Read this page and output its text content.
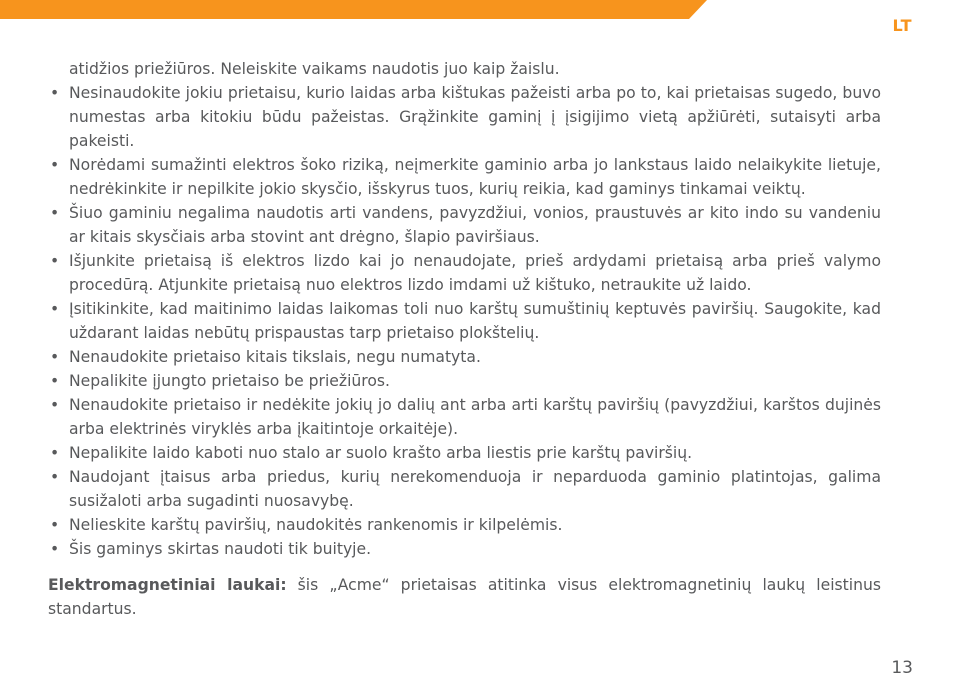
LT

atidžios priežiūros. Neleiskite vaikams naudotis juo kaip žaislu.

• Nesinaudokite jokiu prietaisu, kurio laidas arba kištukas pažeisti arba po to, kai prietaisas sugedo, buvo numestas arba kitokiu būdu pažeistas. Grąžinkite gaminį į įsigijimo vietą apžiūrėti, sutaisyti arba pakeisti.
• Norėdami sumažinti elektros šoko riziką, neįmerkite gaminio arba jo lankstaus laido nelaikykite lietuje, nedrėkinkite ir nepilkite jokio skysčio, išskyrus tuos, kurių reikia, kad gaminys tinkamai veiktų.
• Šiuo gaminiu negalima naudotis arti vandens, pavyzdžiui, vonios, praustuvės ar kito indo su vandeniu ar kitais skysčiais arba stovint ant drėgno, šlapio paviršiaus.
• Išjunkite prietaisą iš elektros lizdo kai jo nenaudojate, prieš ardydami prietaisą arba prieš valymo procedūrą. Atjunkite prietaisą nuo elektros lizdo imdami už kištuko, netraukite už laido.
• Įsitikinkite, kad maitinimo laidas laikomas toli nuo karštų sumuštinių keptuvės paviršių. Saugokite, kad uždarant laidas nebūtų prispaustas tarp prietaiso plokštelių.
• Nenaudokite prietaiso kitais tikslais, negu numatyta.
• Nepalikite įjungto prietaiso be priežiūros.
• Nenaudokite prietaiso ir nedėkite jokių jo dalių ant arba arti karštų paviršių (pavyzdžiui, karštos dujinės arba elektrinės viryklės arba įkaitintoje orkaitėje).
• Nepalikite laido kaboti nuo stalo ar suolo krašto arba liestis prie karštų paviršių.
• Naudojant įtaisus arba priedus, kurių nerekomenduoja ir neparduoda gaminio platintojas, galima susižaloti arba sugadinti nuosavybę.
• Nelieskite karštų paviršių, naudokitės rankenomis ir kilpelėmis.
• Šis gaminys skirtas naudoti tik buityje.

Elektromagnetiniai laukai: šis „Acme“ prietaisas atitinka visus elektromagnetinių laukų leistinus standartus.

13
